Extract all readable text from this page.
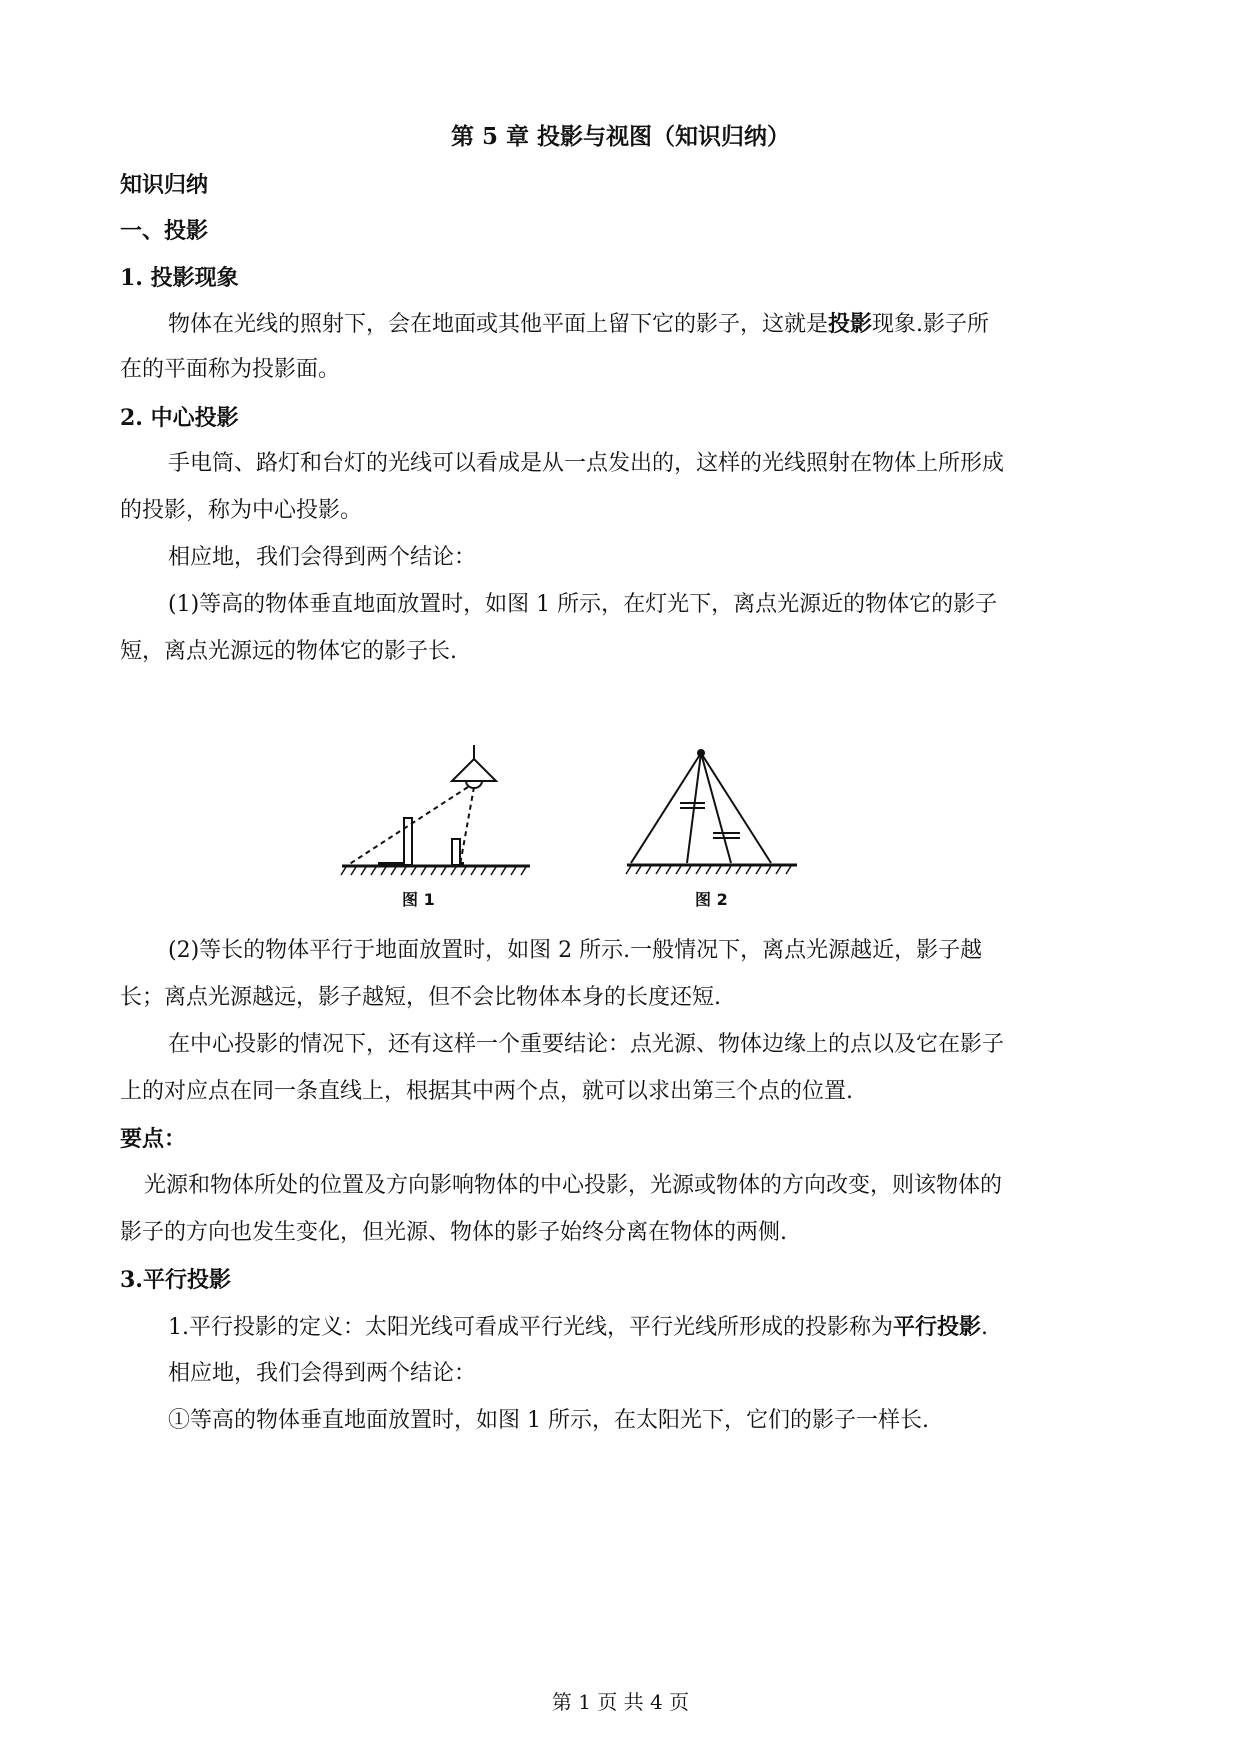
第 5 章 投影与视图（知识归纳）

知识归纳

一、投影

1. 投影现象

物体在光线的照射下，会在地面或其他平面上留下它的影子，这就是投影现象.影子所

在的平面称为投影面。

2. 中心投影

手电筒、路灯和台灯的光线可以看成是从一点发出的，这样的光线照射在物体上所形成

的投影，称为中心投影。

相应地，我们会得到两个结论：

(1)等高的物体垂直地面放置时，如图 1 所示，在灯光下，离点光源近的物体它的影子

短，离点光源远的物体它的影子长.

图 1	图 2

(2)等长的物体平行于地面放置时，如图 2 所示.一般情况下，离点光源越近，影子越

长；离点光源越远，影子越短，但不会比物体本身的长度还短.

在中心投影的情况下，还有这样一个重要结论：点光源、物体边缘上的点以及它在影子

上的对应点在同一条直线上，根据其中两个点，就可以求出第三个点的位置.

要点：

光源和物体所处的位置及方向影响物体的中心投影，光源或物体的方向改变，则该物体的

影子的方向也发生变化，但光源、物体的影子始终分离在物体的两侧.

3.平行投影

1.平行投影的定义：太阳光线可看成平行光线，平行光线所形成的投影称为平行投影.

相应地，我们会得到两个结论：

①等高的物体垂直地面放置时，如图 1 所示，在太阳光下，它们的影子一样长.

第 1 页 共 4 页
